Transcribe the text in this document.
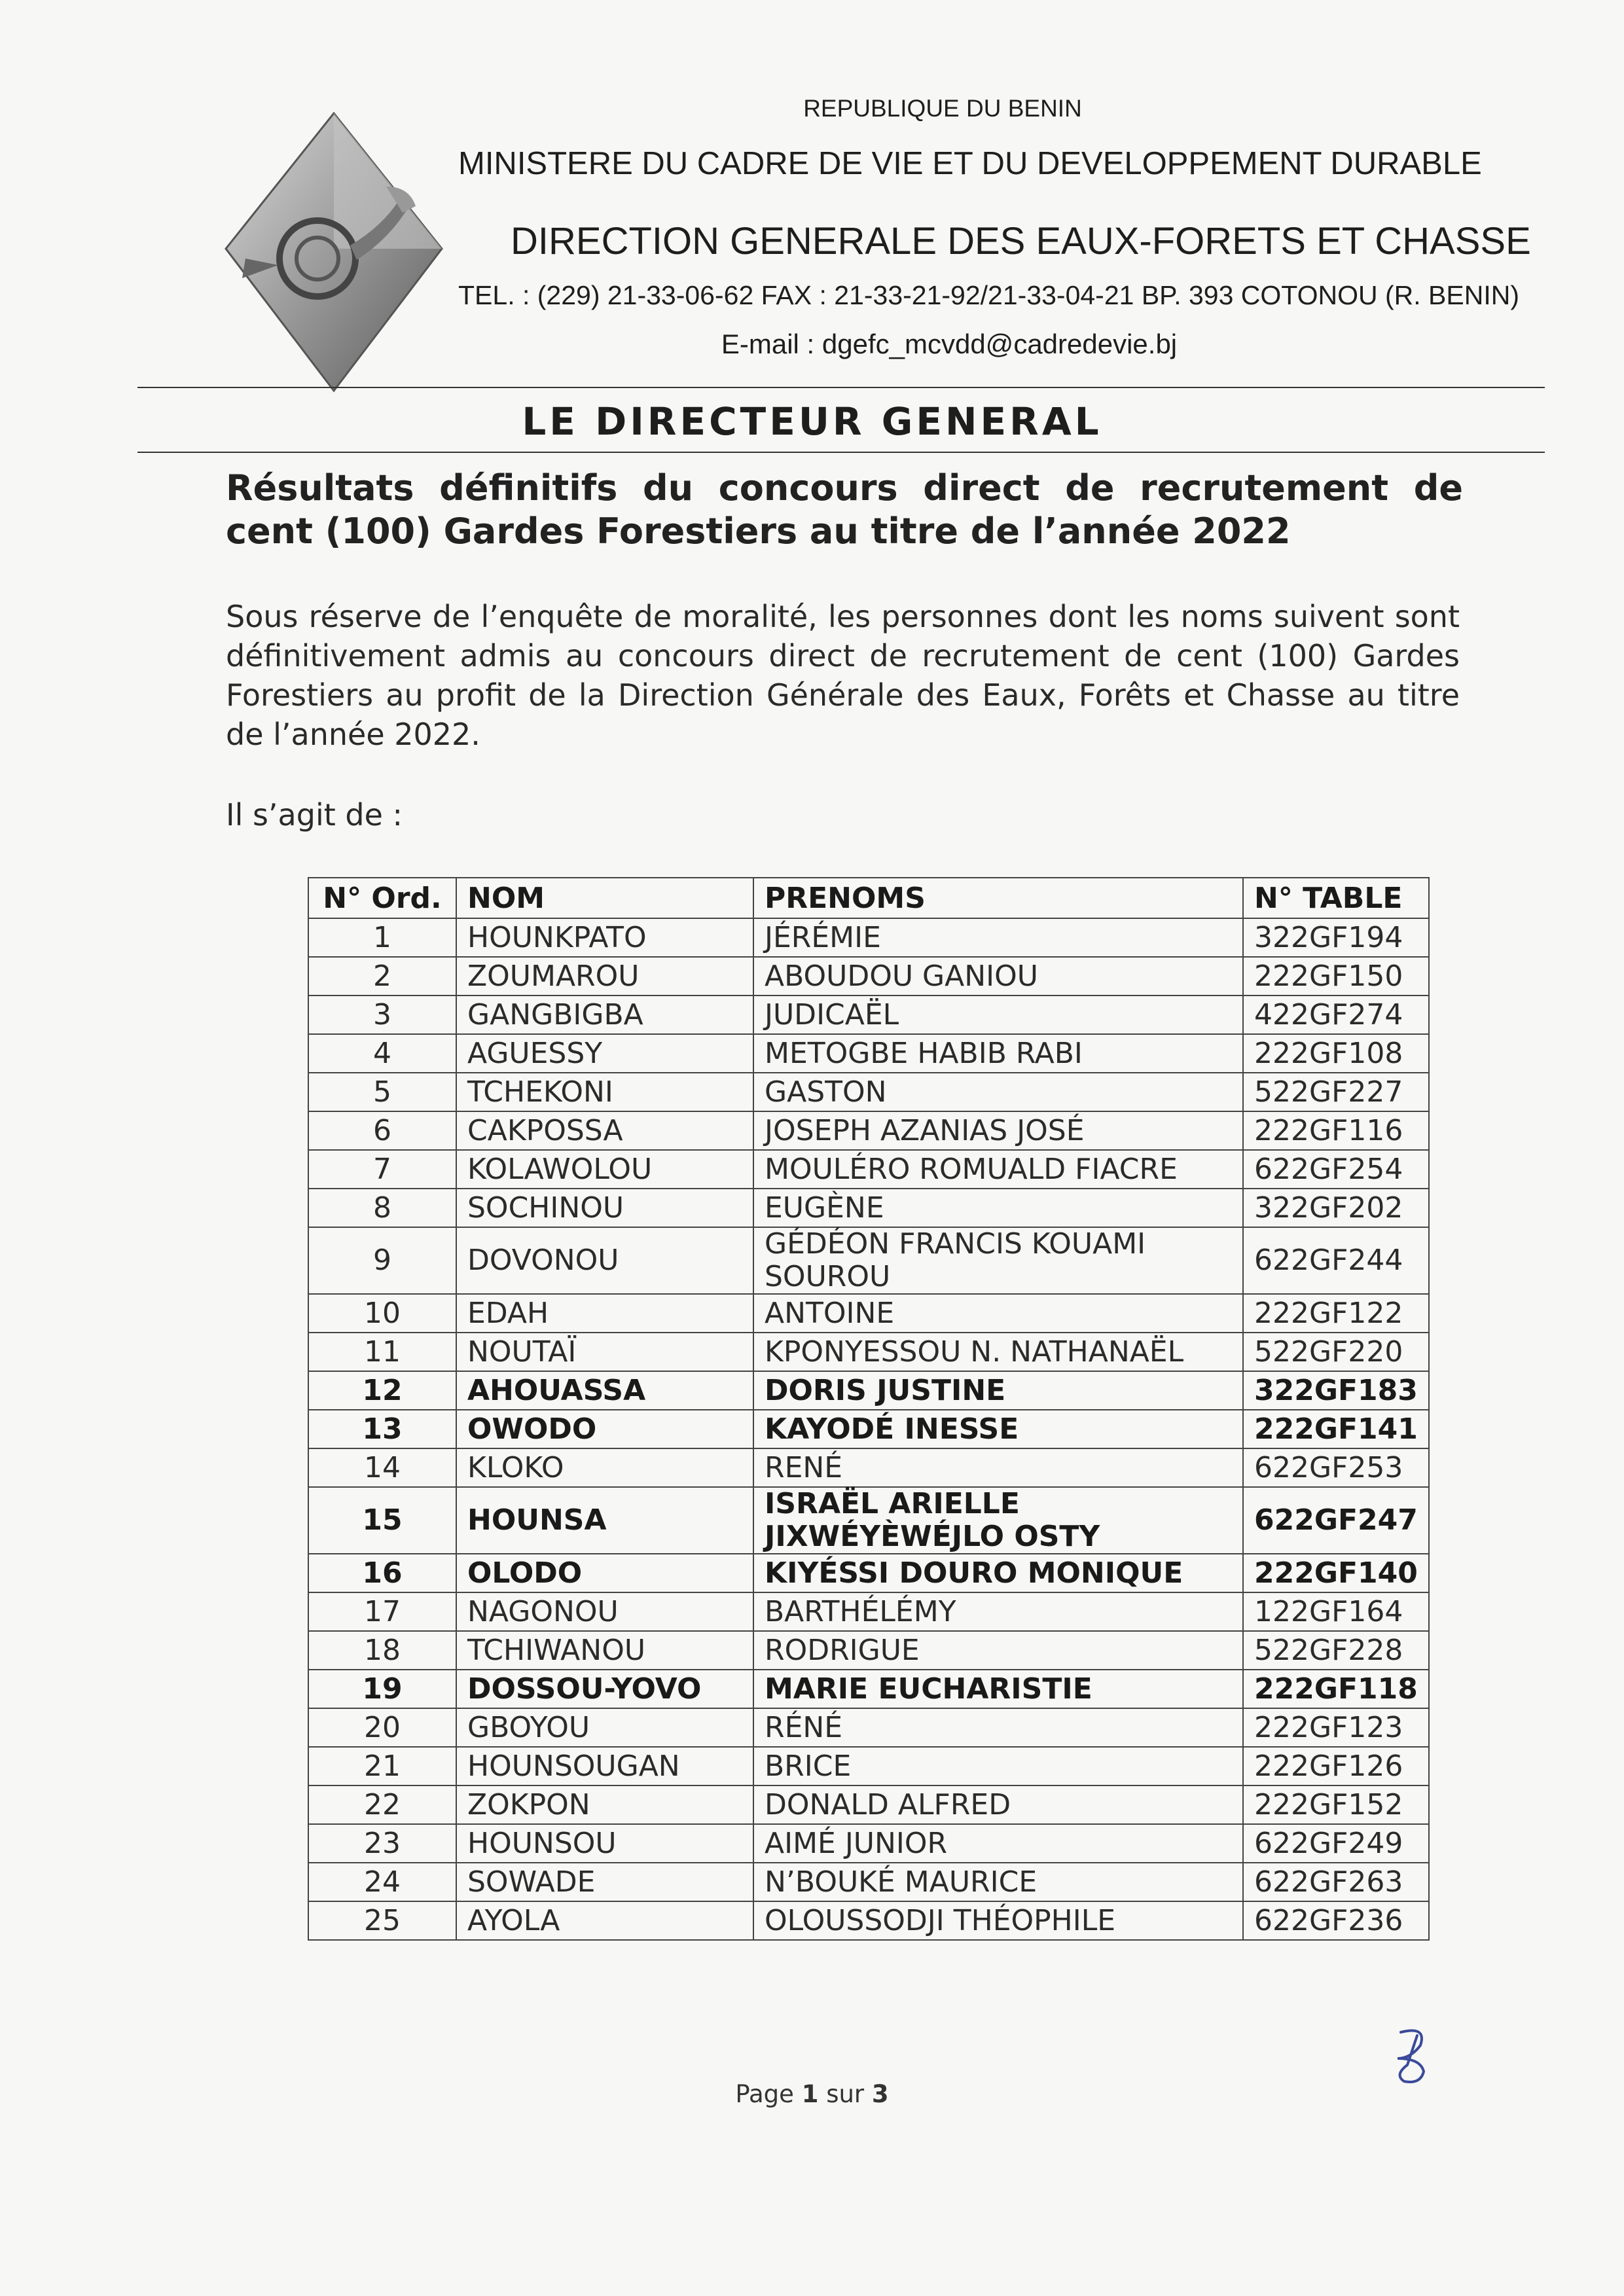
REPUBLIQUE DU BENIN
MINISTERE DU CADRE DE VIE ET DU DEVELOPPEMENT DURABLE
DIRECTION GENERALE DES EAUX-FORETS ET CHASSE
TEL. : (229) 21-33-06-62 FAX : 21-33-21-92/21-33-04-21 BP. 393 COTONOU (R. BENIN)
E-mail : dgefc_mcvdd@cadredevie.bj
LE DIRECTEUR GENERAL
Résultats définitifs du concours direct de recrutement de cent (100) Gardes Forestiers au titre de l’année 2022
Sous réserve de l’enquête de moralité, les personnes dont les noms suivent sont définitivement admis au concours direct de recrutement de cent (100) Gardes Forestiers au profit de la Direction Générale des Eaux, Forêts et Chasse au titre de l’année 2022.
Il s’agit de :
N° Ord.	NOM	PRENOMS	N° TABLE
1	HOUNKPATO	JÉRÉMIE	322GF194
2	ZOUMAROU	ABOUDOU GANIOU	222GF150
3	GANGBIGBA	JUDICAËL	422GF274
4	AGUESSY	METOGBE HABIB RABI	222GF108
5	TCHEKONI	GASTON	522GF227
6	CAKPOSSA	JOSEPH AZANIAS JOSÉ	222GF116
7	KOLAWOLOU	MOULÉRO ROMUALD FIACRE	622GF254
8	SOCHINOU	EUGÈNE	322GF202
9	DOVONOU	GÉDÉON FRANCIS KOUAMI SOUROU	622GF244
10	EDAH	ANTOINE	222GF122
11	NOUTAÏ	KPONYESSOU N. NATHANAËL	522GF220
12	AHOUASSA	DORIS JUSTINE	322GF183
13	OWODO	KAYODÉ INESSE	222GF141
14	KLOKO	RENÉ	622GF253
15	HOUNSA	ISRAËL ARIELLE JIXWÉYÈWÉJLO OSTY	622GF247
16	OLODO	KIYÉSSI DOURO MONIQUE	222GF140
17	NAGONOU	BARTHÉLÉMY	122GF164
18	TCHIWANOU	RODRIGUE	522GF228
19	DOSSOU-YOVO	MARIE EUCHARISTIE	222GF118
20	GBOYOU	RÉNÉ	222GF123
21	HOUNSOUGAN	BRICE	222GF126
22	ZOKPON	DONALD ALFRED	222GF152
23	HOUNSOU	AIMÉ JUNIOR	622GF249
24	SOWADE	N’BOUKÉ MAURICE	622GF263
25	AYOLA	OLOUSSODJI THÉOPHILE	622GF236
Page 1 sur 3
